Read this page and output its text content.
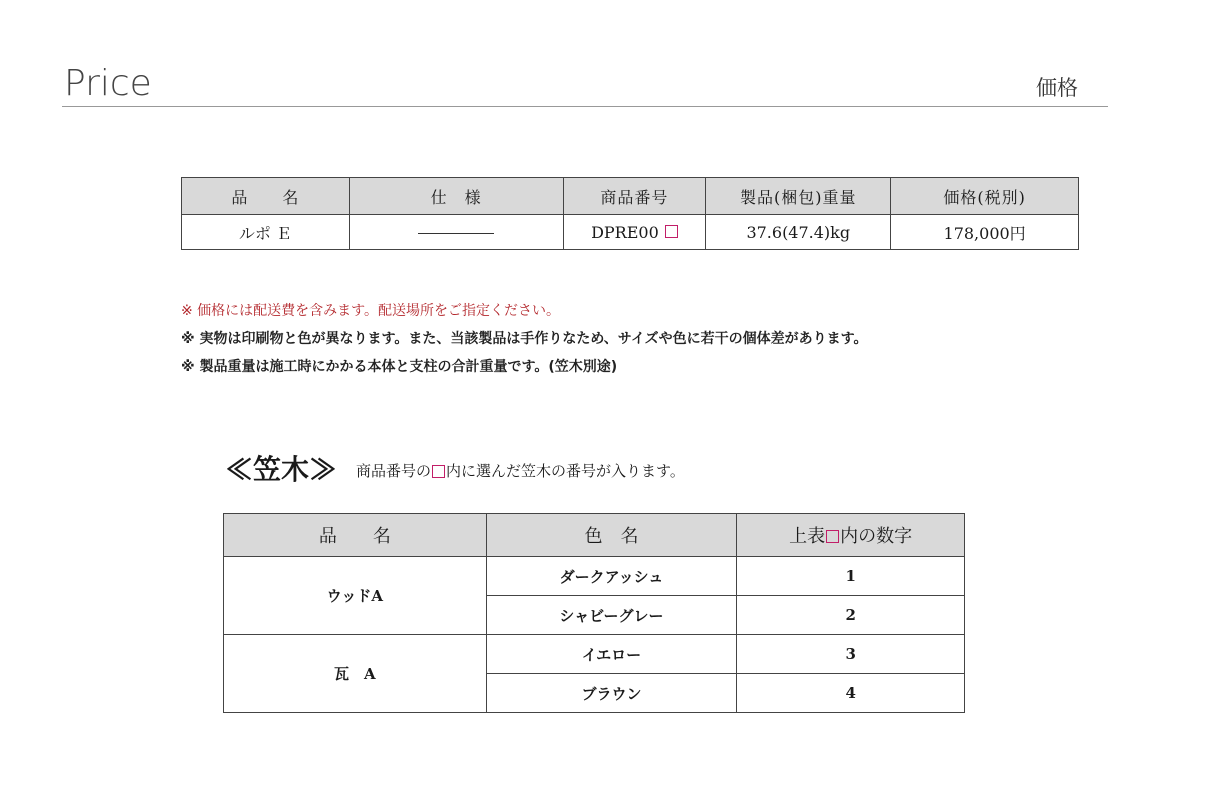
Price	価格
品　　名	仕　様	商品番号	製品(梱包)重量	価格(税別)
ルポ Ｅ		DPRE00	37.6(47.4)kg	178,000円
※ 価格には配送費を含みます。配送場所をご指定ください。
※ 実物は印刷物と色が異なります。また、当該製品は手作りなため、サイズや色に若干の個体差があります。
※ 製品重量は施工時にかかる本体と支柱の合計重量です。(笠木別途)
≪笠木≫ 商品番号の 内に選んだ笠木の番号が入ります。
品　　名	色　名	上表 内の数字
ウッドA	ダークアッシュ	1
	シャビーグレー	2
瓦　A	イエロー	3
	ブラウン	4
